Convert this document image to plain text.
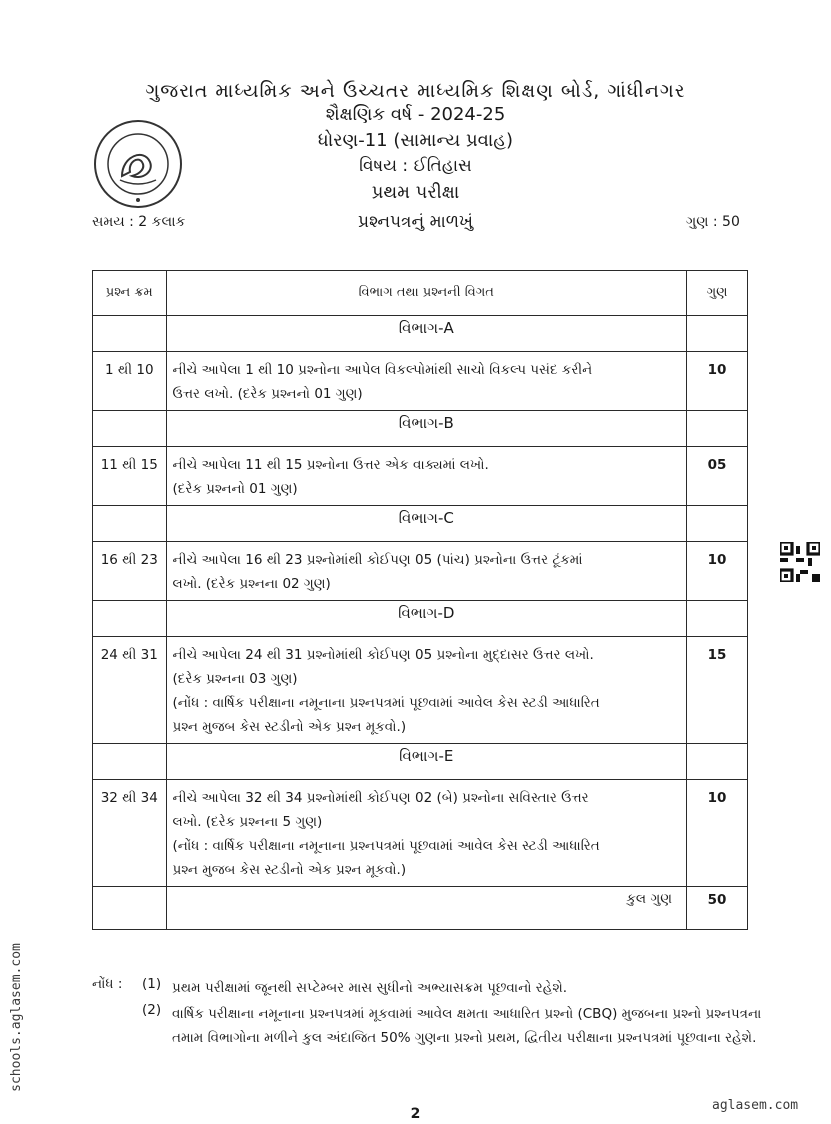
ગુજરાત માધ્યમિક અને ઉચ્ચતર માધ્યમિક શિક્ષણ બોર્ડ, ગાંધીનગર
શૈક્ષણિક વર્ષ - 2024-25
ધોરણ-11 (સામાન્ય પ્રવાહ)
વિષય : ઈતિહાસ
પ્રથમ પરીક્ષા
પ્રશ્નપત્રનું માળખું
સમય : 2 કલાક	ગુણ : 50
પ્રશ્ન ક્રમ	વિભાગ તથા પ્રશ્નની વિગત	ગુણ
	વિભાગ-A	
1 થી 10	નીચે આપેલા 1 થી 10 પ્રશ્નોના આપેલ વિકલ્પોમાંથી સાચો વિકલ્પ પસંદ કરીને
ઉત્તર લખો. (દરેક પ્રશ્નનો 01 ગુણ)	10
	વિભાગ-B	
11 થી 15	નીચે આપેલા 11 થી 15 પ્રશ્નોના ઉત્તર એક વાક્યમાં લખો.
(દરેક પ્રશ્નનો 01 ગુણ)	05
	વિભાગ-C	
16 થી 23	નીચે આપેલા 16 થી 23 પ્રશ્નોમાંથી કોઈપણ 05 (પાંચ) પ્રશ્નોના ઉત્તર ટૂંકમાં
લખો. (દરેક પ્રશ્નના 02 ગુણ)	10
	વિભાગ-D	
24 થી 31	નીચે આપેલા 24 થી 31 પ્રશ્નોમાંથી કોઈપણ 05 પ્રશ્નોના મુદ્દાસર ઉત્તર લખો.
(દરેક પ્રશ્નના 03 ગુણ)
(નોંધ : વાર્ષિક પરીક્ષાના નમૂનાના પ્રશ્નપત્રમાં પૂછવામાં આવેલ કેસ સ્ટડી આધારિત
પ્રશ્ન મુજબ કેસ સ્ટડીનો એક પ્રશ્ન મૂકવો.)	15
	વિભાગ-E	
32 થી 34	નીચે આપેલા 32 થી 34 પ્રશ્નોમાંથી કોઈપણ 02 (બે) પ્રશ્નોના સવિસ્તાર ઉત્તર
લખો. (દરેક પ્રશ્નના 5 ગુણ)
(નોંધ : વાર્ષિક પરીક્ષાના નમૂનાના પ્રશ્નપત્રમાં પૂછવામાં આવેલ કેસ સ્ટડી આધારિત
પ્રશ્ન મુજબ કેસ સ્ટડીનો એક પ્રશ્ન મૂકવો.)	10
	કુલ ગુણ	50
નોંધ : (1) પ્રથમ પરીક્ષામાં જૂનથી સપ્ટેમ્બર માસ સુધીનો અભ્યાસક્રમ પૂછવાનો રહેશે.
(2) વાર્ષિક પરીક્ષાના નમૂનાના પ્રશ્નપત્રમાં મૂકવામાં આવેલ ક્ષમતા આધારિત પ્રશ્નો (CBQ) મુજબના પ્રશ્નો પ્રશ્નપત્રના તમામ વિભાગોના મળીને કુલ અંદાજિત 50% ગુણના પ્રશ્નો પ્રથમ, દ્વિતીય પરીક્ષાના પ્રશ્નપત્રમાં પૂછવાના રહેશે.
2
schools.aglasem.com
aglasem.com
